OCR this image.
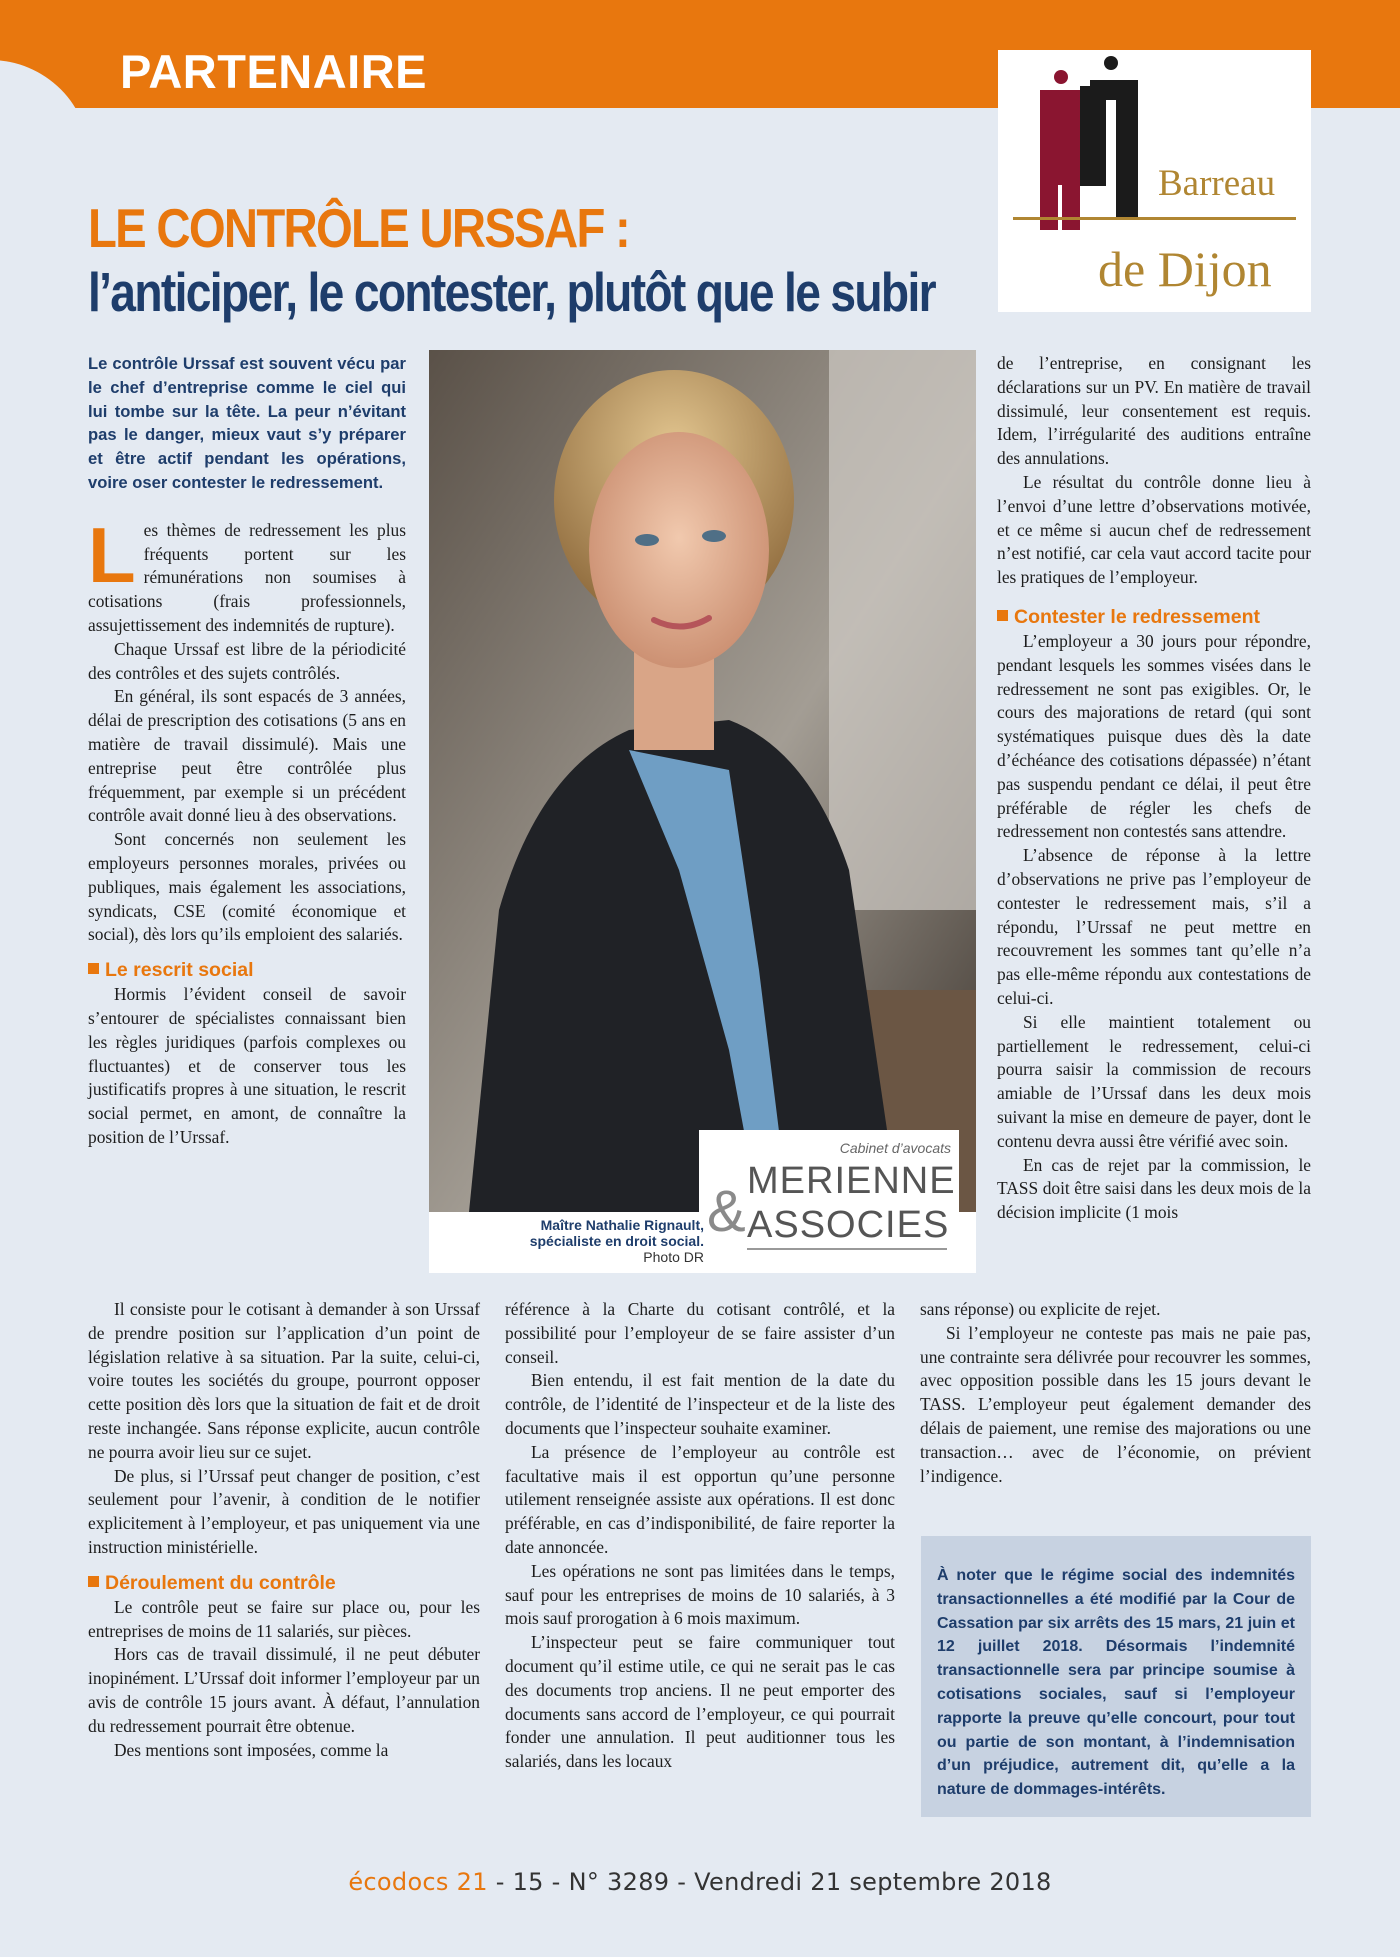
PARTENAIRE
Barreau
de Dijon
LE CONTRÔLE URSSAF :
l’anticiper, le contester, plutôt que le subir
Le contrôle Urssaf est souvent vécu par le chef d’entreprise comme le ciel qui lui tombe sur la tête. La peur n’évitant pas le danger, mieux vaut s’y préparer et être actif pendant les opérations, voire oser contester le redressement.

Les thèmes de redressement les plus fréquents portent sur les rémunérations non soumises à cotisations (frais professionnels, assujettissement des indemnités de rupture).

Chaque Urssaf est libre de la périodicité des contrôles et des sujets contrôlés.

En général, ils sont espacés de 3 années, délai de prescription des cotisations (5 ans en matière de travail dissimulé). Mais une entreprise peut être contrôlée plus fréquemment, par exemple si un précédent contrôle avait donné lieu à des observations.

Sont concernés non seulement les employeurs personnes morales, privées ou publiques, mais également les associations, syndicats, CSE (comité économique et social), dès lors qu’ils emploient des salariés.

Le rescrit social

Hormis l’évident conseil de savoir s’entourer de spécialistes connaissant bien les règles juridiques (parfois complexes ou fluctuantes) et de conserver tous les justificatifs propres à une situation, le rescrit social permet, en amont, de connaître la position de l’Urssaf.

Cabinet d’avocats
& MERIENNE
ASSOCIES
Maître Nathalie Rignault,
spécialiste en droit social.
Photo DR

de l’entreprise, en consignant les déclarations sur un PV. En matière de travail dissimulé, leur consentement est requis. Idem, l’irrégularité des auditions entraîne des annulations.

Le résultat du contrôle donne lieu à l’envoi d’une lettre d’observations motivée, et ce même si aucun chef de redressement n’est notifié, car cela vaut accord tacite pour les pratiques de l’employeur.

Contester le redressement

L’employeur a 30 jours pour répondre, pendant lesquels les sommes visées dans le redressement ne sont pas exigibles. Or, le cours des majorations de retard (qui sont systématiques puisque dues dès la date d’échéance des cotisations dépassée) n’étant pas suspendu pendant ce délai, il peut être préférable de régler les chefs de redressement non contestés sans attendre.

L’absence de réponse à la lettre d’observations ne prive pas l’employeur de contester le redressement mais, s’il a répondu, l’Urssaf ne peut mettre en recouvrement les sommes tant qu’elle n’a pas elle-même répondu aux contestations de celui-ci.

Si elle maintient totalement ou partiellement le redressement, celui-ci pourra saisir la commission de recours amiable de l’Urssaf dans les deux mois suivant la mise en demeure de payer, dont le contenu devra aussi être vérifié avec soin.

En cas de rejet par la commission, le TASS doit être saisi dans les deux mois de la décision implicite (1 mois

Il consiste pour le cotisant à demander à son Urssaf de prendre position sur l’application d’un point de législation relative à sa situation. Par la suite, celui-ci, voire toutes les sociétés du groupe, pourront opposer cette position dès lors que la situation de fait et de droit reste inchangée. Sans réponse explicite, aucun contrôle ne pourra avoir lieu sur ce sujet.

De plus, si l’Urssaf peut changer de position, c’est seulement pour l’avenir, à condition de le notifier explicitement à l’employeur, et pas uniquement via une instruction ministérielle.

Déroulement du contrôle

Le contrôle peut se faire sur place ou, pour les entreprises de moins de 11 salariés, sur pièces.

Hors cas de travail dissimulé, il ne peut débuter inopinément. L’Urssaf doit informer l’employeur par un avis de contrôle 15 jours avant. À défaut, l’annulation du redressement pourrait être obtenue.

Des mentions sont imposées, comme la

référence à la Charte du cotisant contrôlé, et la possibilité pour l’employeur de se faire assister d’un conseil.

Bien entendu, il est fait mention de la date du contrôle, de l’identité de l’inspecteur et de la liste des documents que l’inspecteur souhaite examiner.

La présence de l’employeur au contrôle est facultative mais il est opportun qu’une personne utilement renseignée assiste aux opérations. Il est donc préférable, en cas d’indisponibilité, de faire reporter la date annoncée.

Les opérations ne sont pas limitées dans le temps, sauf pour les entreprises de moins de 10 salariés, à 3 mois sauf prorogation à 6 mois maximum.

L’inspecteur peut se faire communiquer tout document qu’il estime utile, ce qui ne serait pas le cas des documents trop anciens. Il ne peut emporter des documents sans accord de l’employeur, ce qui pourrait fonder une annulation. Il peut auditionner tous les salariés, dans les locaux

sans réponse) ou explicite de rejet.

Si l’employeur ne conteste pas mais ne paie pas, une contrainte sera délivrée pour recouvrer les sommes, avec opposition possible dans les 15 jours devant le TASS. L’employeur peut également demander des délais de paiement, une remise des majorations ou une transaction… avec de l’économie, on prévient l’indigence.

À noter que le régime social des indemnités transactionnelles a été modifié par la Cour de Cassation par six arrêts des 15 mars, 21 juin et 12 juillet 2018. Désormais l’indemnité transactionnelle sera par principe soumise à cotisations sociales, sauf si l’employeur rapporte la preuve qu’elle concourt, pour tout ou partie de son montant, à l’indemnisation d’un préjudice, autrement dit, qu’elle a la nature de dommages-intérêts.
écodocs 21 - 15 - N° 3289 - Vendredi 21 septembre 2018
